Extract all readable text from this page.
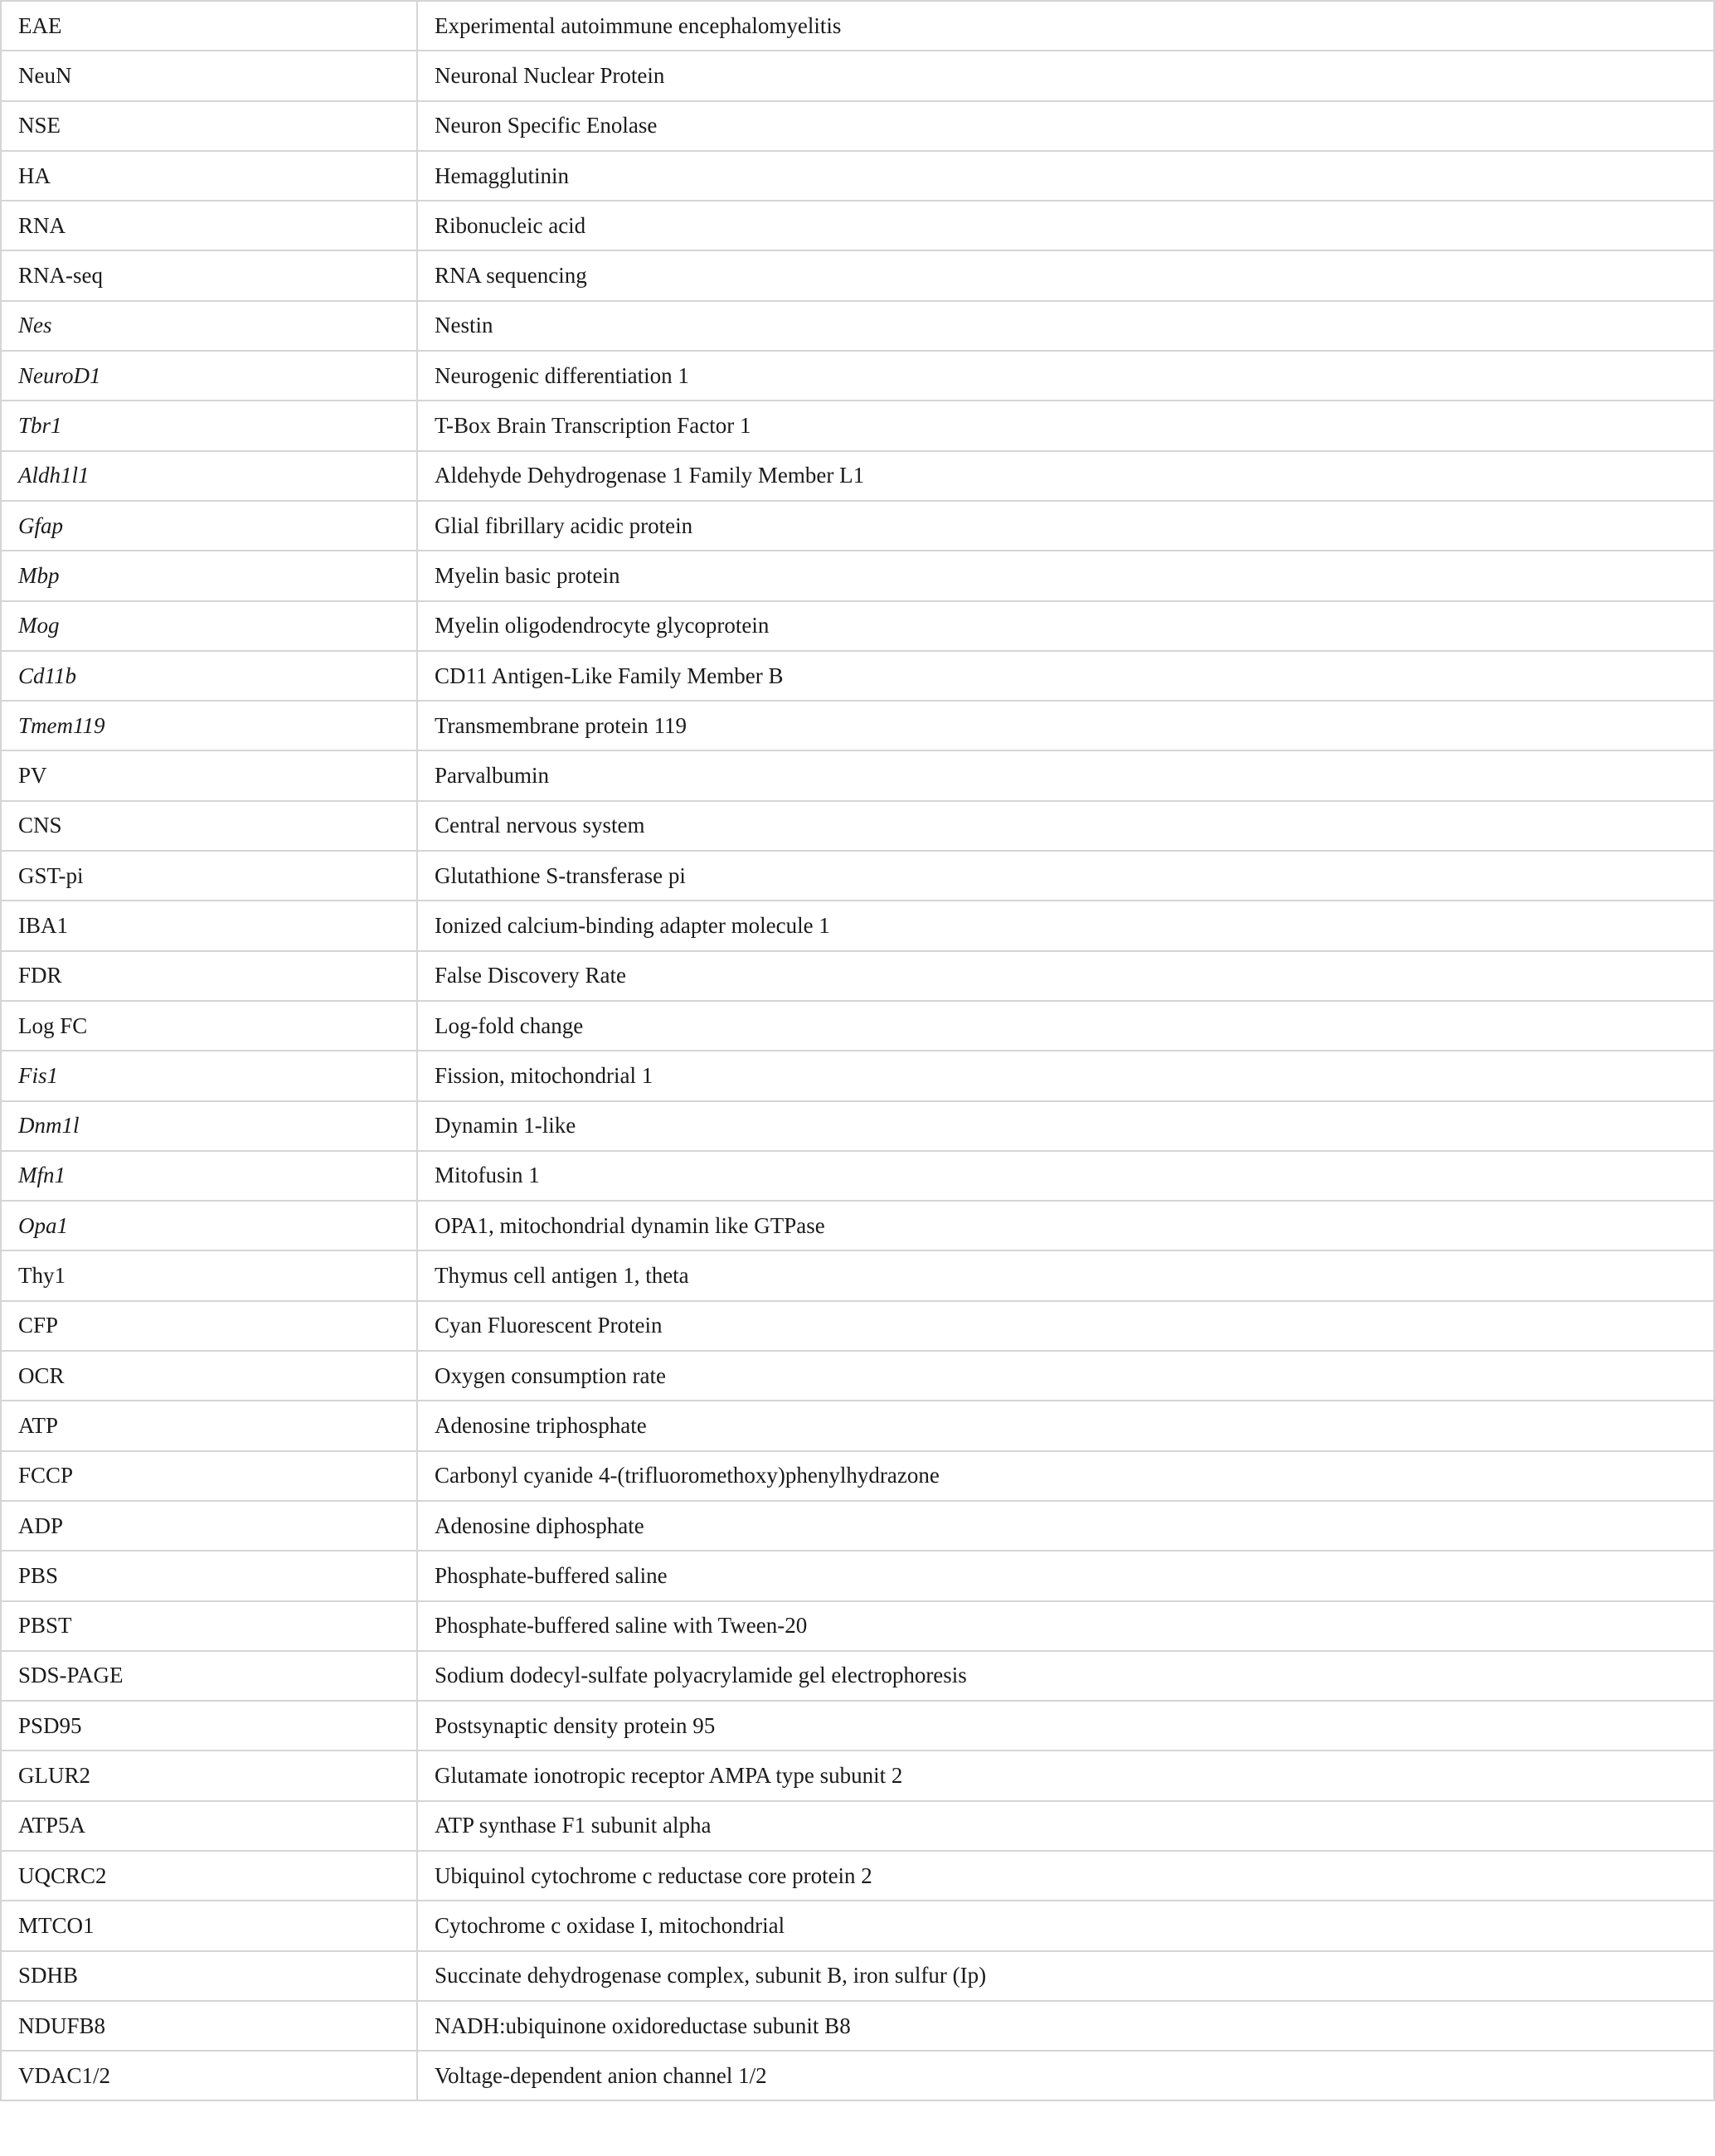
EAE	Experimental autoimmune encephalomyelitis
NeuN	Neuronal Nuclear Protein
NSE	Neuron Specific Enolase
HA	Hemagglutinin
RNA	Ribonucleic acid
RNA-seq	RNA sequencing
Nes	Nestin
NeuroD1	Neurogenic differentiation 1
Tbr1	T-Box Brain Transcription Factor 1
Aldh1l1	Aldehyde Dehydrogenase 1 Family Member L1
Gfap	Glial fibrillary acidic protein
Mbp	Myelin basic protein
Mog	Myelin oligodendrocyte glycoprotein
Cd11b	CD11 Antigen-Like Family Member B
Tmem119	Transmembrane protein 119
PV	Parvalbumin
CNS	Central nervous system
GST-pi	Glutathione S-transferase pi
IBA1	Ionized calcium-binding adapter molecule 1
FDR	False Discovery Rate
Log FC	Log-fold change
Fis1	Fission, mitochondrial 1
Dnm1l	Dynamin 1-like
Mfn1	Mitofusin 1
Opa1	OPA1, mitochondrial dynamin like GTPase
Thy1	Thymus cell antigen 1, theta
CFP	Cyan Fluorescent Protein
OCR	Oxygen consumption rate
ATP	Adenosine triphosphate
FCCP	Carbonyl cyanide 4-(trifluoromethoxy)phenylhydrazone
ADP	Adenosine diphosphate
PBS	Phosphate-buffered saline
PBST	Phosphate-buffered saline with Tween-20
SDS-PAGE	Sodium dodecyl-sulfate polyacrylamide gel electrophoresis
PSD95	Postsynaptic density protein 95
GLUR2	Glutamate ionotropic receptor AMPA type subunit 2
ATP5A	ATP synthase F1 subunit alpha
UQCRC2	Ubiquinol cytochrome c reductase core protein 2
MTCO1	Cytochrome c oxidase I, mitochondrial
SDHB	Succinate dehydrogenase complex, subunit B, iron sulfur (Ip)
NDUFB8	NADH:ubiquinone oxidoreductase subunit B8
VDAC1/2	Voltage-dependent anion channel 1/2
